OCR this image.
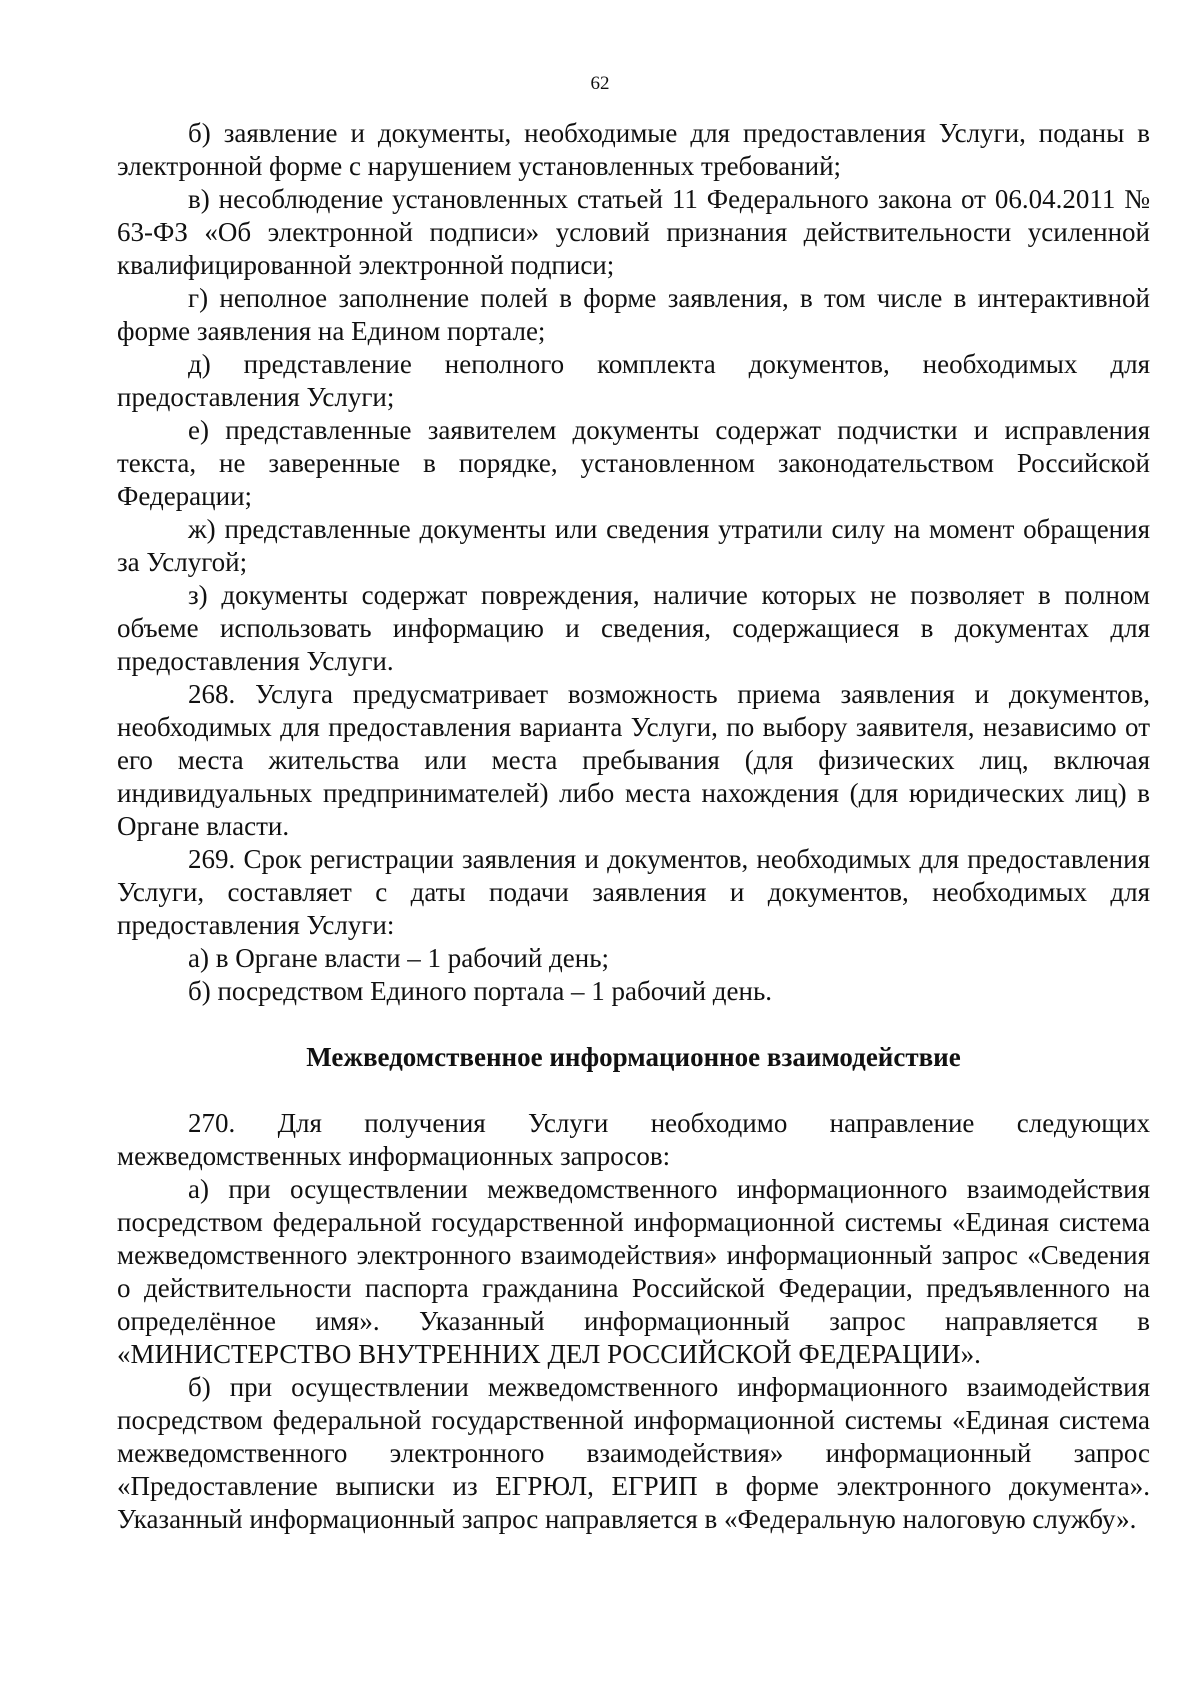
62

б) заявление и документы, необходимые для предоставления Услуги, поданы в электронной форме с нарушением установленных требований;

в) несоблюдение установленных статьей 11 Федерального закона от 06.04.2011 № 63-ФЗ «Об электронной подписи» условий признания действительности усиленной квалифицированной электронной подписи;

г) неполное заполнение полей в форме заявления, в том числе в интерактивной форме заявления на Едином портале;

д) представление неполного комплекта документов, необходимых для предоставления Услуги;

е) представленные заявителем документы содержат подчистки и исправления текста, не заверенные в порядке, установленном законодательством Российской Федерации;

ж) представленные документы или сведения утратили силу на момент обращения за Услугой;

з) документы содержат повреждения, наличие которых не позволяет в полном объеме использовать информацию и сведения, содержащиеся в документах для предоставления Услуги.

268. Услуга предусматривает возможность приема заявления и документов, необходимых для предоставления варианта Услуги, по выбору заявителя, независимо от его места жительства или места пребывания (для физических лиц, включая индивидуальных предпринимателей) либо места нахождения (для юридических лиц) в Органе власти.

269. Срок регистрации заявления и документов, необходимых для предоставления Услуги, составляет с даты подачи заявления и документов, необходимых для предоставления Услуги:

а) в Органе власти – 1 рабочий день;

б) посредством Единого портала – 1 рабочий день.

Межведомственное информационное взаимодействие

270. Для получения Услуги необходимо направление следующих межведомственных информационных запросов:

а) при осуществлении межведомственного информационного взаимодействия посредством федеральной государственной информационной системы «Единая система межведомственного электронного взаимодействия» информационный запрос «Сведения о действительности паспорта гражданина Российской Федерации, предъявленного на определённое имя». Указанный информационный запрос направляется в «МИНИСТЕРСТВО ВНУТРЕННИХ ДЕЛ РОССИЙСКОЙ ФЕДЕРАЦИИ».

б) при осуществлении межведомственного информационного взаимодействия посредством федеральной государственной информационной системы «Единая система межведомственного электронного взаимодействия» информационный запрос «Предоставление выписки из ЕГРЮЛ, ЕГРИП в форме электронного документа». Указанный информационный запрос направляется в «Федеральную налоговую службу».
